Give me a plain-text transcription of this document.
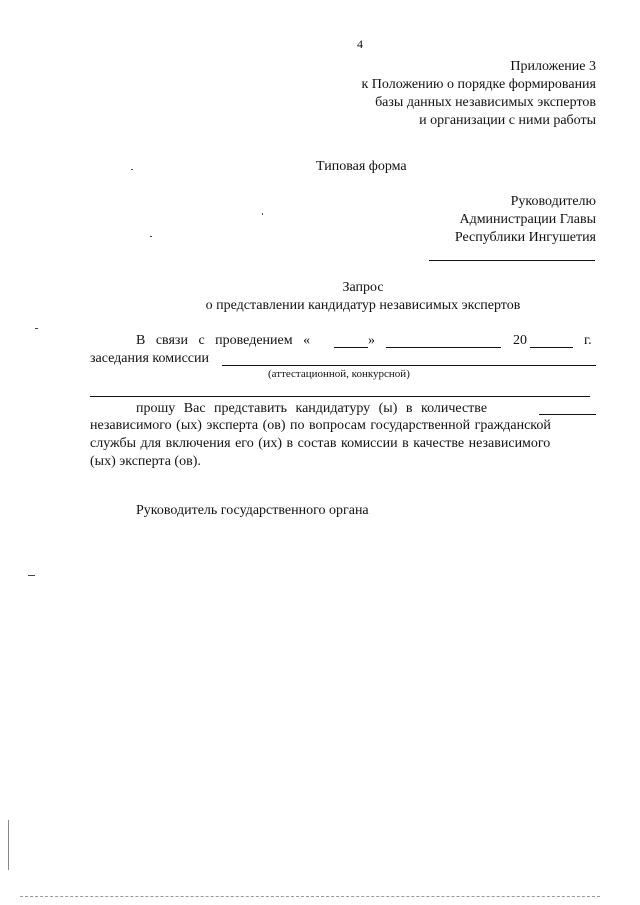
4
Приложение 3
к Положению о порядке формирования
базы данных независимых экспертов
и организации с ними работы
Типовая форма
Руководителю
Администрации Главы
Республики Ингушетия
Запрос
о представлении кандидатур независимых экспертов
В связи с проведением «	»	20	г.
заседания комиссии
(аттестационной, конкурсной)
прошу Вас представить кандидатуру (ы) в количестве
независимого (ых) эксперта (ов) по вопросам государственной гражданской
службы для включения его (их) в состав комиссии в качестве независимого
(ых) эксперта (ов).
Руководитель государственного органа
